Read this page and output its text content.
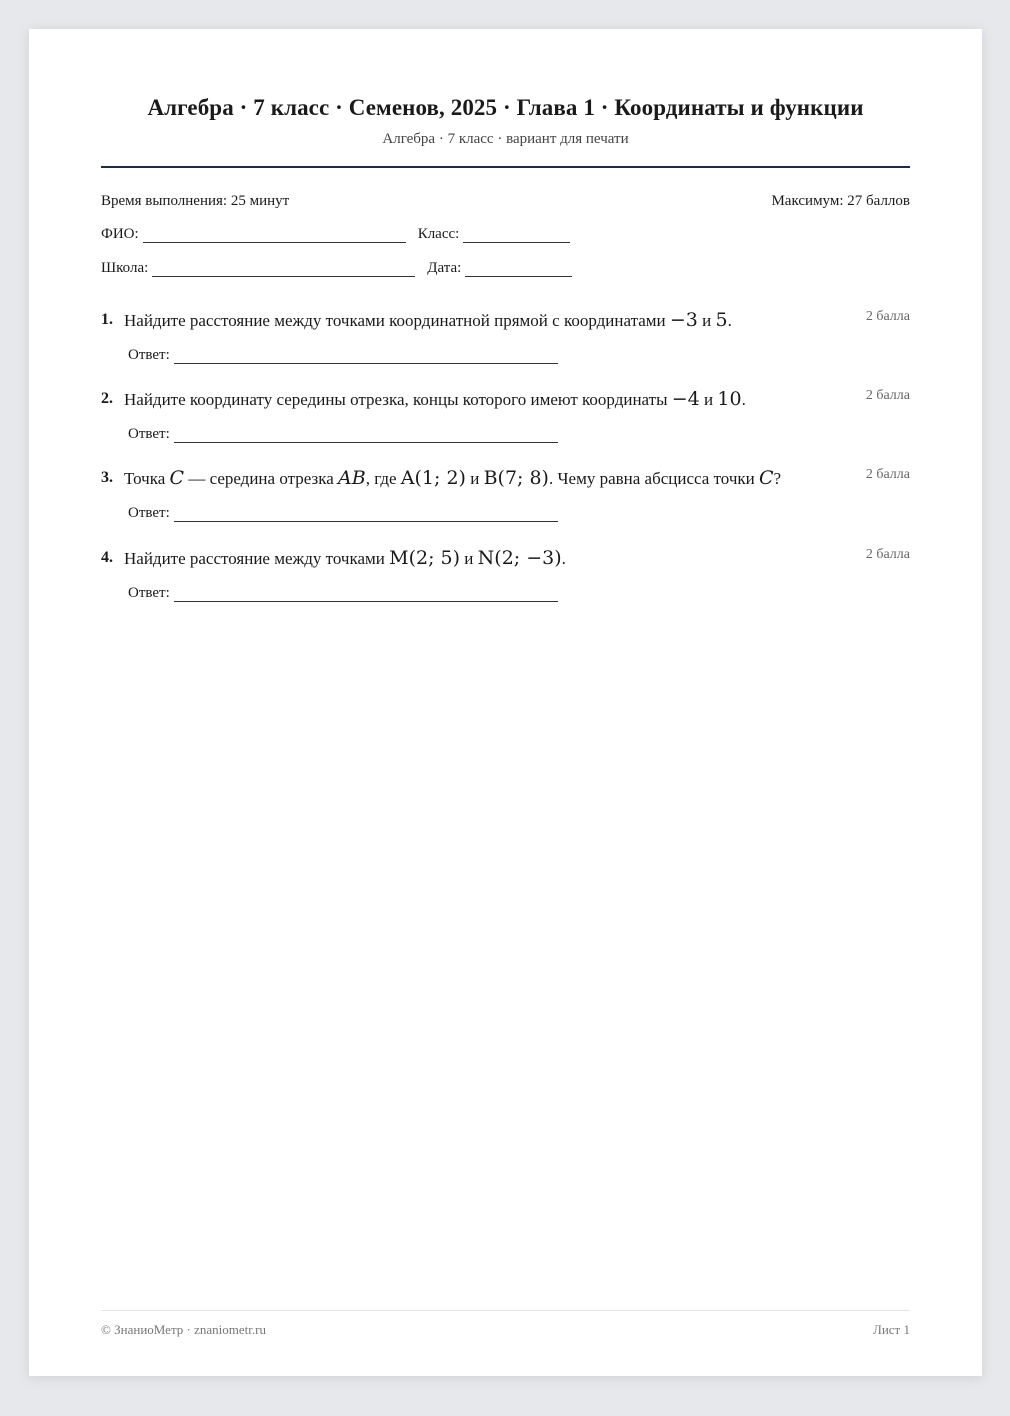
Алгебра · 7 класс · Семенов, 2025 · Глава 1 · Координаты и функции
Алгебра · 7 класс · вариант для печати
Время выполнения: 25 минут	Максимум: 27 баллов
ФИО:	Класс:
Школа:	Дата:
1. Найдите расстояние между точками координатной прямой с координатами −3 и 5.	2 балла
Ответ:
2. Найдите координату середины отрезка, концы которого имеют координаты −4 и 10.	2 балла
Ответ:
3. Точка C — середина отрезка AB, где A(1; 2) и B(7; 8). Чему равна абсцисса точки C?	2 балла
Ответ:
4. Найдите расстояние между точками M(2; 5) и N(2; −3).	2 балла
Ответ:
© ЗнаниоМетр · znaniometr.ru	Лист 1
